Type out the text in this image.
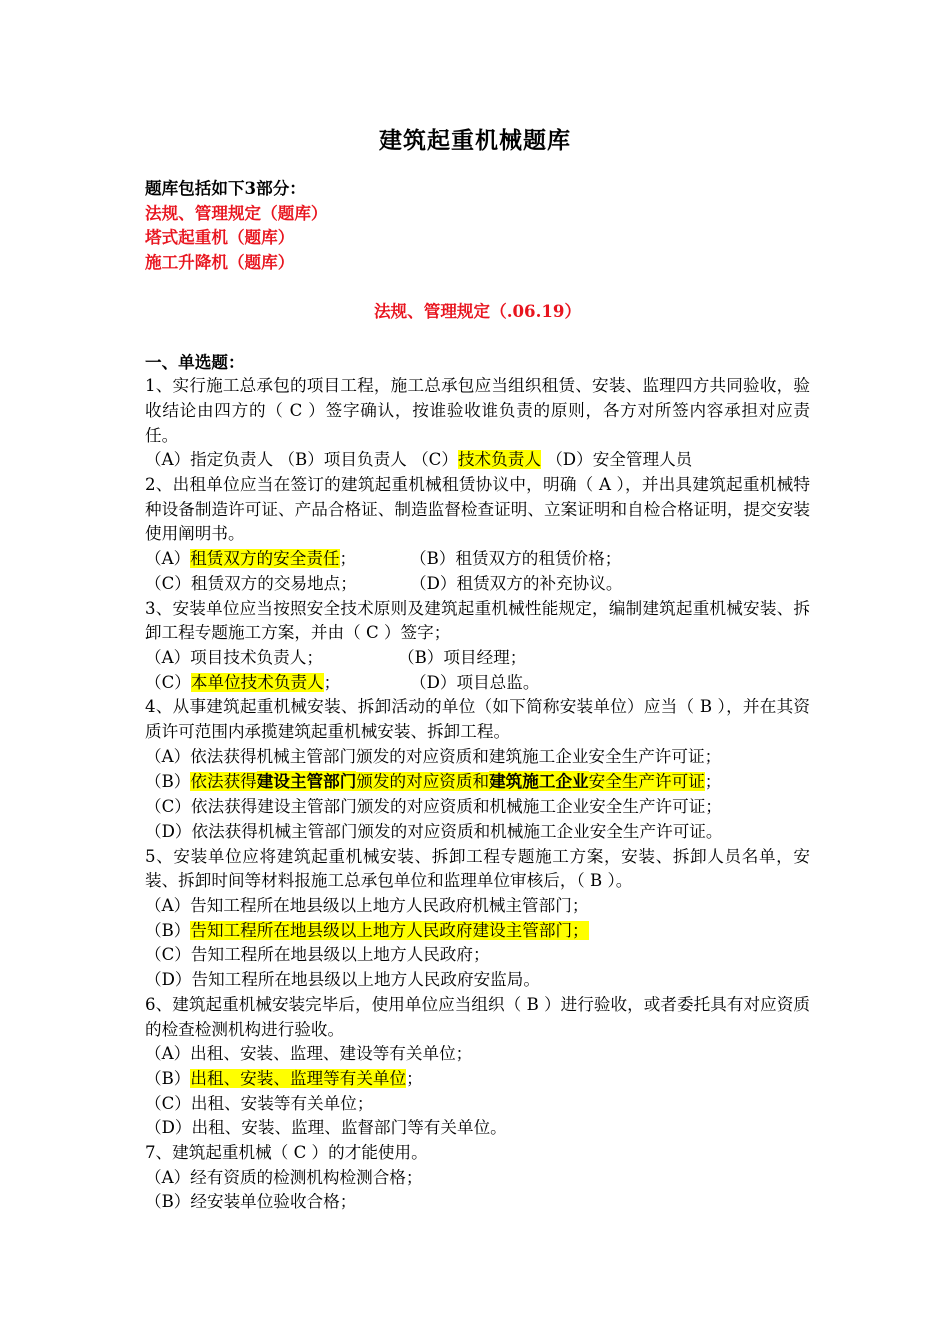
建筑起重机械题库
题库包括如下3部分：
法规、管理规定（题库）
塔式起重机（题库）
施工升降机（题库）
法规、管理规定（.06.19）
一、单选题：
1、实行施工总承包的项目工程，施工总承包应当组织租赁、安装、监理四方共同验收，验收结论由四方的（ C ）签字确认，按谁验收谁负责的原则，各方对所签内容承担对应责任。
（A）指定负责人 （B）项目负责人 （C）技术负责人 （D）安全管理人员
2、出租单位应当在签订的建筑起重机械租赁协议中，明确（ A ），并出具建筑起重机械特种设备制造许可证、产品合格证、制造监督检查证明、立案证明和自检合格证明，提交安装使用阐明书。
（A）租赁双方的安全责任；	（B）租赁双方的租赁价格；
（C）租赁双方的交易地点；	（D）租赁双方的补充协议。
3、安装单位应当按照安全技术原则及建筑起重机械性能规定，编制建筑起重机械安装、拆卸工程专题施工方案，并由（ C ）签字；
（A）项目技术负责人；	（B）项目经理；
（C）本单位技术负责人；	（D）项目总监。
4、从事建筑起重机械安装、拆卸活动的单位（如下简称安装单位）应当（ B ），并在其资质许可范围内承揽建筑起重机械安装、拆卸工程。
（A）依法获得机械主管部门颁发的对应资质和建筑施工企业安全生产许可证；
（B）依法获得建设主管部门颁发的对应资质和建筑施工企业安全生产许可证；
（C）依法获得建设主管部门颁发的对应资质和机械施工企业安全生产许可证；
（D）依法获得机械主管部门颁发的对应资质和机械施工企业安全生产许可证。
5、安装单位应将建筑起重机械安装、拆卸工程专题施工方案，安装、拆卸人员名单，安装、拆卸时间等材料报施工总承包单位和监理单位审核后，（ B ）。
（A）告知工程所在地县级以上地方人民政府机械主管部门；
（B）告知工程所在地县级以上地方人民政府建设主管部门；
（C）告知工程所在地县级以上地方人民政府；
（D）告知工程所在地县级以上地方人民政府安监局。
6、建筑起重机械安装完毕后，使用单位应当组织（ B ）进行验收，或者委托具有对应资质的检查检测机构进行验收。
（A）出租、安装、监理、建设等有关单位；
（B）出租、安装、监理等有关单位；
（C）出租、安装等有关单位；
（D）出租、安装、监理、监督部门等有关单位。
7、建筑起重机械（ C ）的才能使用。
（A）经有资质的检测机构检测合格；
（B）经安装单位验收合格；
